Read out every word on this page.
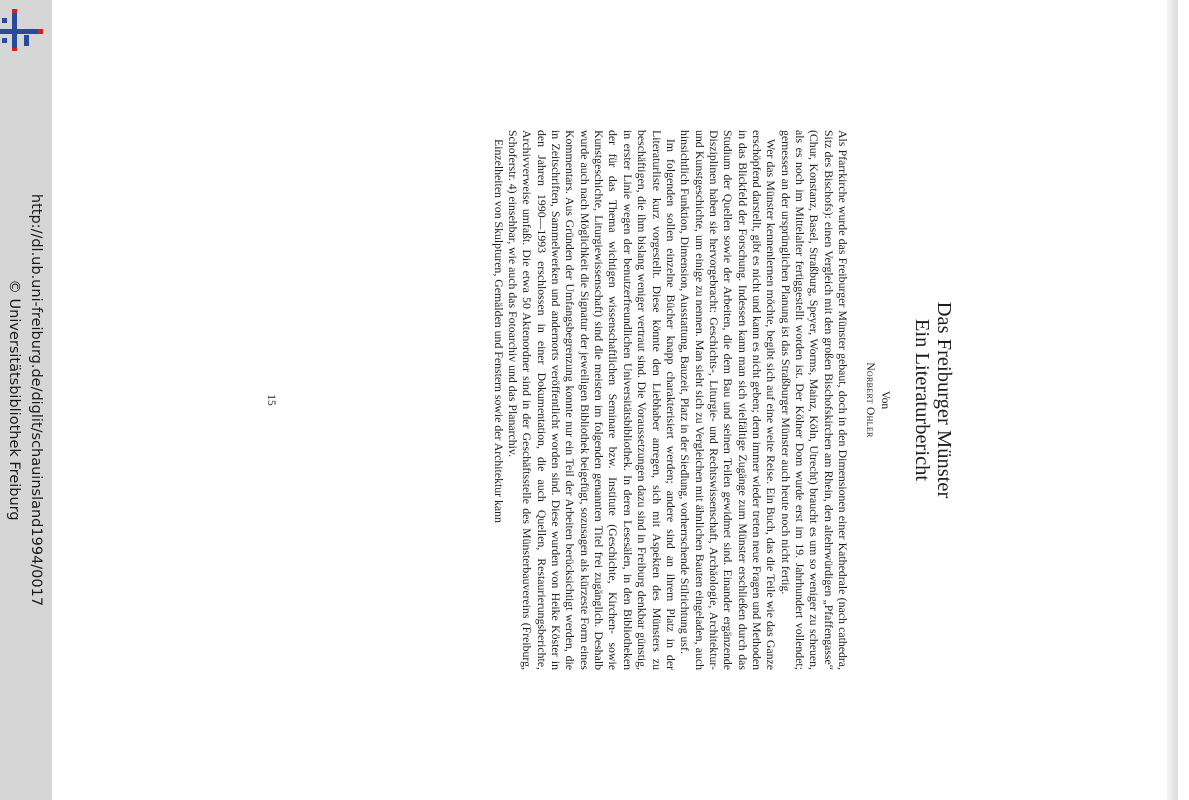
http://dl.ub.uni-freiburg.de/diglit/schauinsland1994/0017
© Universitätsbibliothek Freiburg	Das Freiburger Münster
Ein Literaturbericht
Von
Norbert Ohler

Als Pfarrkirche wurde das Freiburger Münster gebaut, doch in den Dimensionen einer Kathedrale (nach cathedra, Sitz des Bischofs): einen Vergleich mit den großen Bischofskirchen am Rhein, den altehrwürdigen „Pfaffengasse“ (Chur, Konstanz, Basel, Straßburg, Speyer, Worms, Mainz, Köln, Utrecht) braucht es um so weniger zu scheuen, als es noch im Mittelalter fertiggestellt worden ist. Der Kölner Dom wurde erst im 19. Jahrhundert vollendet; gemessen an der ursprünglichen Planung ist das Straßburger Münster auch heute noch nicht fertig.

Wer das Münster kennenlernen möchte, begibt sich auf eine weite Reise. Ein Buch, das die Teile wie das Ganze erschöpfend darstellt, gibt es nicht und kann es nicht geben; denn immer wieder treten neue Fragen und Methoden in das Blickfeld der Forschung. Indessen kann man sich vielfältige Zugänge zum Münster erschließen durch das Studium der Quellen sowie der Arbeiten, die dem Bau und seinen Teilen gewidmet sind. Einander ergänzende Disziplinen haben sie hervorgebracht: Geschichts-, Liturgie- und Rechtswissenschaft, Archäologie, Architektur- und Kunstgeschichte, um einige zu nennen. Man sieht sich zu Vergleichen mit ähnlichen Bauten eingeladen, auch hinsichtlich Funktion, Dimension, Ausstattung, Bauzeit, Platz in der Siedlung, vorherrschende Stilrichtung usf.

Im folgenden sollen einzelne Bücher knapp charakterisiert werden; andere sind an ihrem Platz in der Literaturliste kurz vorgestellt. Diese könnte den Liebhaber anregen, sich mit Aspekten des Münsters zu beschäftigen, die ihm bislang weniger vertraut sind. Die Voraussetzungen dazu sind in Freiburg denkbar günstig, in erster Linie wegen der benutzerfreundlichen Universitätsbibliothek. In deren Lesesälen, in den Bibliotheken der für das Thema wichtigen wissenschaftlichen Seminare bzw. Institute (Geschichte, Kirchen- sowie Kunstgeschichte, Liturgiewissenschaft) sind die meisten im folgenden genannten Titel frei zugänglich. Deshalb wurde auch nach Möglichkeit die Signatur der jeweiligen Bibliothek beigefügt, sozusagen als kürzeste Form eines Kommentars. Aus Gründen der Umfangsbegrenzung konnte nur ein Teil der Arbeiten berücksichtigt werden, die in Zeitschriften, Sammelwerken und andernorts veröffentlicht worden sind. Diese wurden von Heike Köster in den Jahren 1990—1993 erschlossen in einer Dokumentation, die auch Quellen, Restaurierungsberichte, Archivverweise umfaßt. Die etwa 50 Aktenordner sind in der Geschäftsstelle des Münsterbauvereins (Freiburg, Schoferstr. 4) einsehbar, wie auch das Fotoarchiv und das Planarchiv.

Einzelheiten von Skulpturen, Gemälden und Fenstern sowie der Architektur kann

15
